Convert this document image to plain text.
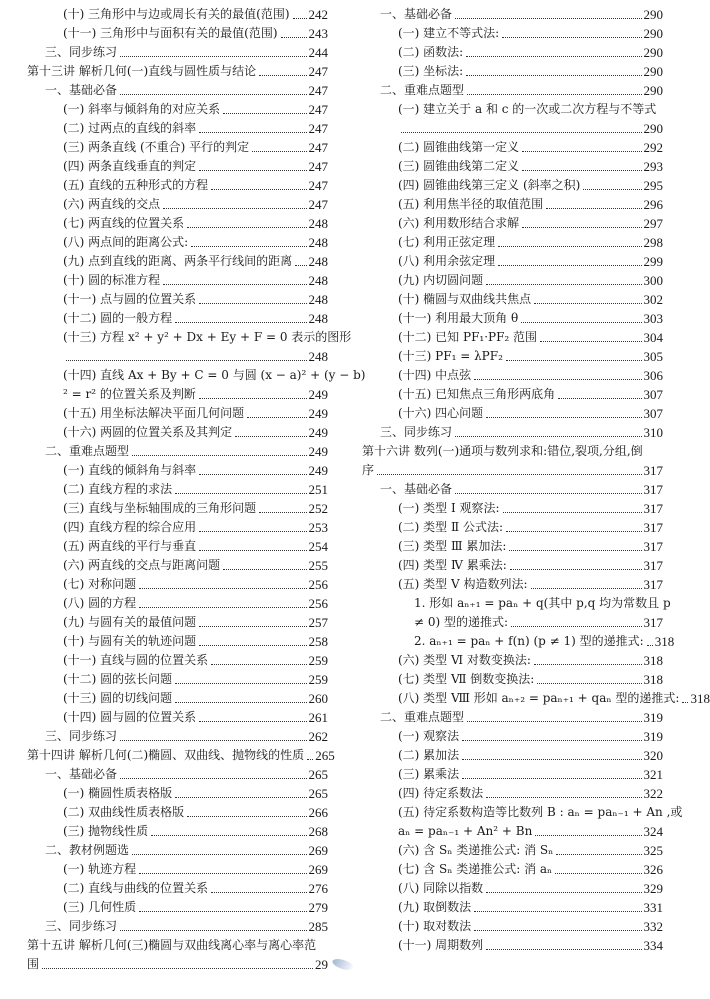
(十) 三角形中与边或周长有关的最值(范围) 242
(十一) 三角形中与面积有关的最值(范围) 243
三、同步练习	244
第十三讲 解析几何(一)直线与圆性质与结论	247
一、基础必备	247
(一) 斜率与倾斜角的对应关系	247
(二) 过两点的直线的斜率	247
(三) 两条直线 (不重合) 平行的判定	247
(四) 两条直线垂直的判定	247
(五) 直线的五种形式的方程	247
(六) 两直线的交点	247
(七) 两直线的位置关系	248
(八) 两点间的距离公式:	248
(九) 点到直线的距离、两条平行线间的距离 248
(十) 圆的标准方程	248
(十一) 点与圆的位置关系	248
(十二) 圆的一般方程	248
(十三) 方程 x² + y² + Dx + Ey + F = 0 表示的图形
248
(十四) 直线 Ax + By + C = 0 与圆 (x − a)² + (y − b)
² = r² 的位置关系及判断	249
(十五) 用坐标法解决平面几何问题	249
(十六) 两圆的位置关系及其判定	249
二、重难点题型	249
(一) 直线的倾斜角与斜率	249
(二) 直线方程的求法	251
(三) 直线与坐标轴围成的三角形问题	252
(四) 直线方程的综合应用	253
(五) 两直线的平行与垂直	254
(六) 两直线的交点与距离问题	255
(七) 对称问题	256
(八) 圆的方程	256
(九) 与圆有关的最值问题	257
(十) 与圆有关的轨迹问题	258
(十一) 直线与圆的位置关系	259
(十二) 圆的弦长问题	259
(十三) 圆的切线问题	260
(十四) 圆与圆的位置关系	261
三、同步练习	262
第十四讲 解析几何(二)椭圆、双曲线、抛物线的性质 265
一、基础必备	265
(一) 椭圆性质表格版	265
(二) 双曲线性质表格版	266
(三) 抛物线性质	268
二、教材例题选	269
(一) 轨迹方程	269
(二) 直线与曲线的位置关系	276
(三) 几何性质	279
三、同步练习	285
第十五讲 解析几何(三)椭圆与双曲线离心率与离心率范
围	29
一、基础必备	290
(一) 建立不等式法:	290
(二) 函数法:	290
(三) 坐标法:	290
二、重难点题型	290
(一) 建立关于 a 和 c 的一次或二次方程与不等式
290
(二) 圆锥曲线第一定义	292
(三) 圆锥曲线第二定义	293
(四) 圆锥曲线第三定义 (斜率之积)	295
(五) 利用焦半径的取值范围	296
(六) 利用数形结合求解	297
(七) 利用正弦定理	298
(八) 利用余弦定理	299
(九) 内切圆问题	300
(十) 椭圆与双曲线共焦点	302
(十一) 利用最大顶角 θ	303
(十二) 已知 PF₁·PF₂ 范围	304
(十三) PF₁ = λPF₂	305
(十四) 中点弦	306
(十五) 已知焦点三角形两底角	307
(十六) 四心问题	307
三、同步练习	310
第十六讲 数列(一)通项与数列求和:错位,裂项,分组,倒
序	317
一、基础必备	317
(一) 类型 Ⅰ 观察法:	317
(二) 类型 Ⅱ 公式法:	317
(三) 类型 Ⅲ 累加法:	317
(四) 类型 Ⅳ 累乘法:	317
(五) 类型 Ⅴ 构造数列法:	317
1. 形如 aₙ₊₁ = paₙ + q(其中 p,q 均为常数且 p
≠ 0) 型的递推式:	317
2. aₙ₊₁ = paₙ + f(n) (p ≠ 1) 型的递推式: 318
(六) 类型 Ⅵ 对数变换法:	318
(七) 类型 Ⅶ 倒数变换法:	318
(八) 类型 Ⅷ 形如 aₙ₊₂ = paₙ₊₁ + qaₙ 型的递推式: 318
二、重难点题型	319
(一) 观察法	319
(二) 累加法	320
(三) 累乘法	321
(四) 待定系数法	322
(五) 待定系数构造等比数列 B : aₙ = paₙ₋₁ + An ,或
aₙ = paₙ₋₁ + An² + Bn	324
(六) 含 Sₙ 类递推公式: 消 Sₙ	325
(七) 含 Sₙ 类递推公式: 消 aₙ	326
(八) 同除以指数	329
(九) 取倒数法	331
(十) 取对数法	332
(十一) 周期数列	334
